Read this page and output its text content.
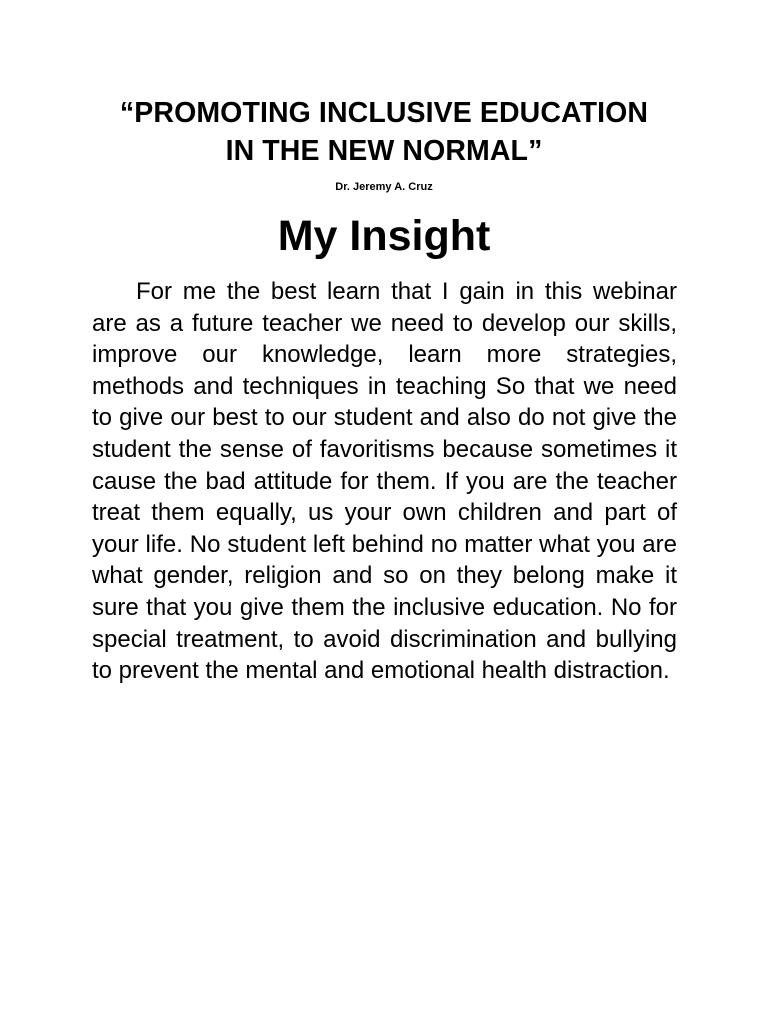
“PROMOTING INCLUSIVE EDUCATION
IN THE NEW NORMAL”
Dr. Jeremy A. Cruz
My Insight

For me the best learn that I gain in this webinar are as a future teacher we need to develop our skills, improve our knowledge, learn more strategies, methods and techniques in teaching So that we need to give our best to our student and also do not give the student the sense of favoritisms because sometimes it cause the bad attitude for them. If you are the teacher treat them equally, us your own children and part of your life. No student left behind no matter what you are what gender, religion and so on they belong make it sure that you give them the inclusive education. No for special treatment, to avoid discrimination and bullying to prevent the mental and emotional health distraction.
